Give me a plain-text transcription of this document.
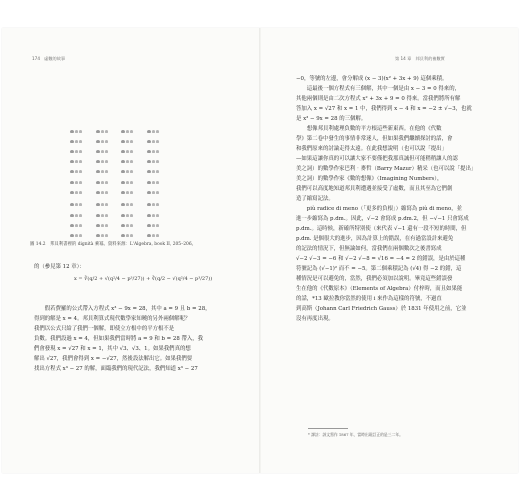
174　虛數的故事
圖 14.2　邦貝利書裡的 dignità 乘幂。資料來源：L'Algebra, book II, 205–206。
的（參見第 12 章）：
x = ∛(q/2 + √(q²/4 − p³/27)) + ∛(q/2 − √(q²/4 − p³/27))
　　假若費羅的公式帶入方程式 x³ − 9x = 28，其中 a = 9 且 b = 28，
得到的解是 x = 4。邦貝利算式現代數學家知曉的另外兩個解呢？
我們以公式只給了我們一個解，即使立方根中的平方根不是
負數。我們設過 x = 4，但如果我們當時將 a = 9 和 b = 28 帶入，我
們會發現 x = √27 和 x = 1，其中 √3、√3、1。如果我們真的想
解出 √27，我們會得到 x = −√27，然後設法解出它。如果我們要
找出方程式 x³ − 27 的解，面臨我們的現代記法，我們知道 x³ − 27
第 14 章　邦貝利的複數實
−0，等號的左邊，會分解成 (x − 3)(x² + 3x + 9) 這個乘積。
　　這最後一個方程式有三個解，其中一個是由 x − 3 = 0 得來的，
其他兩個則是由二次方程式 x² + 3x + 9 = 0 得來。當我們將所有解
答加入 x = √27 和 x = 1 中，我們得到 x − 4 和 x = −2 ± √−3，也就
是 x³ − 9x = 28 的三個解。
　　想像邦貝利處理負數的平方根這些新東西。在他的《代數
學》第二卷中發生的事情非常迷人，但如果我們繼續探討的話，會
和我們原來的討論走得太遠。在此我想說明（也可以說「提出」
—如果這讓你真的可以讓大家不要僅把我那真誠但可能稍稍讓人的認
美之詞）的數學作家巴利‧麥哲（Barry Mazur）精采（也可以說「提出」
美之詞）的數學作家《數的想像》（Imagining Numbers），
我們可以高度地知道邦貝利遭遇並接受了虛數，而且其至為它們創
造了縮寫記法。
　　più radice di meno（「更多的負根」）縮寫為 più di meno，並
進一步縮寫為 p.dm.。因此，√−2 會寫成 p.dm.2，但 −√−1 只會寫成
p.dm.。這時候，新確所特別使（來代表 √−1 還有一段不短的時間，但
p.dm. 是個很大的進步，因為計算上的錯誤，在有過當設計來避免
的記法的情況下，但無論如何，當我們在兩個數次之後書寫成
√−2 √−3 = −6 和 √−2 √−8 = √16 = −4 = 2 的錯誤，是由於這種
符號記為 (√−1)² 而不 = −5。第二個乘積記為 (√4) 得 −2 的錯，這
種情況是可以避免的，當然，我們必須加以說明。畢竟這些錯誤發
生在他的《代數原本》（Elements of Algebra）付梓時，而且如果能
的話，*13 歐拉教你當然的使用 i 來作為這樣的符號，不過直
到高斯（Johann Carl Friedrich Gauss）於 1831 年使用之前，它並
沒有再度出現。
* 譯註：該文寫作 1867 年，當時出現訂正的是三二年。
